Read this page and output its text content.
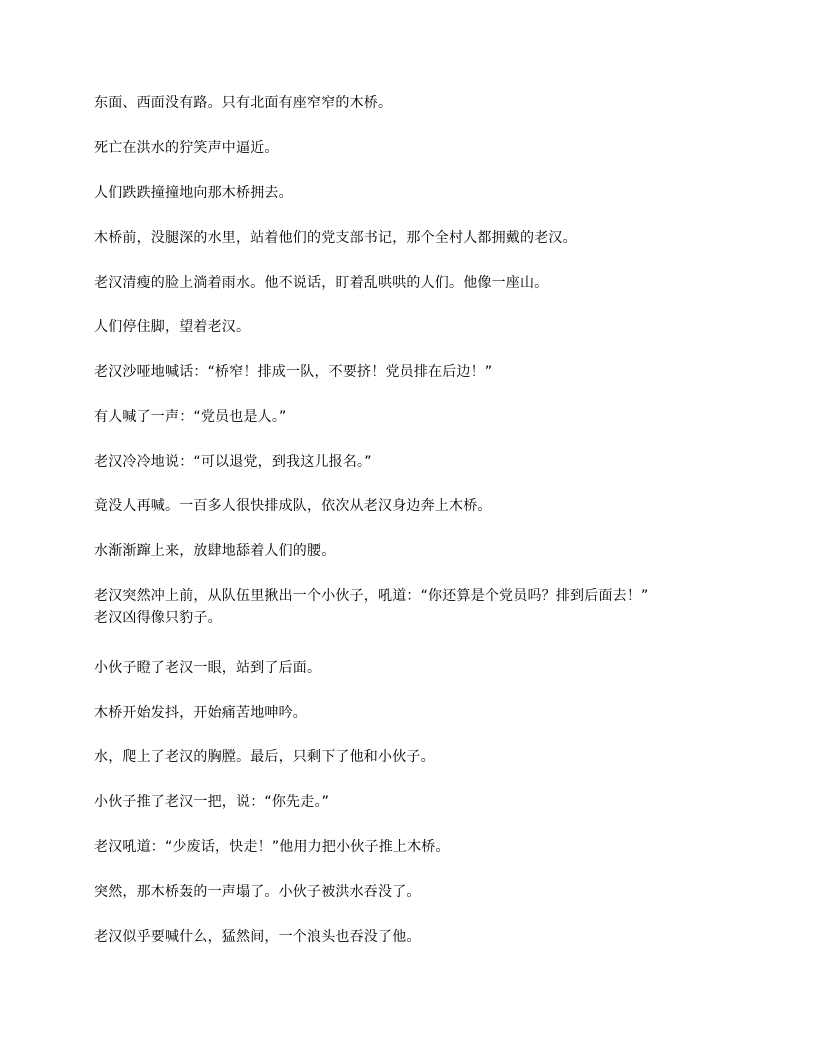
东面、西面没有路。只有北面有座窄窄的木桥。

死亡在洪水的狞笑声中逼近。

人们跌跌撞撞地向那木桥拥去。

木桥前，没腿深的水里，站着他们的党支部书记，那个全村人都拥戴的老汉。

老汉清瘦的脸上淌着雨水。他不说话，盯着乱哄哄的人们。他像一座山。

人们停住脚，望着老汉。

老汉沙哑地喊话：“桥窄！排成一队，不要挤！党员排在后边！”

有人喊了一声：“党员也是人。”

老汉冷冷地说：“可以退党，到我这儿报名。”

竟没人再喊。一百多人很快排成队，依次从老汉身边奔上木桥。

水渐渐蹿上来，放肆地舔着人们的腰。

老汉突然冲上前，从队伍里揪出一个小伙子，吼道：“你还算是个党员吗？排到后面去！”
老汉凶得像只豹子。

小伙子瞪了老汉一眼，站到了后面。

木桥开始发抖，开始痛苦地呻吟。

水，爬上了老汉的胸膛。最后，只剩下了他和小伙子。

小伙子推了老汉一把，说：“你先走。”

老汉吼道：“少废话，快走！”他用力把小伙子推上木桥。

突然，那木桥轰的一声塌了。小伙子被洪水吞没了。

老汉似乎要喊什么，猛然间，一个浪头也吞没了他。
